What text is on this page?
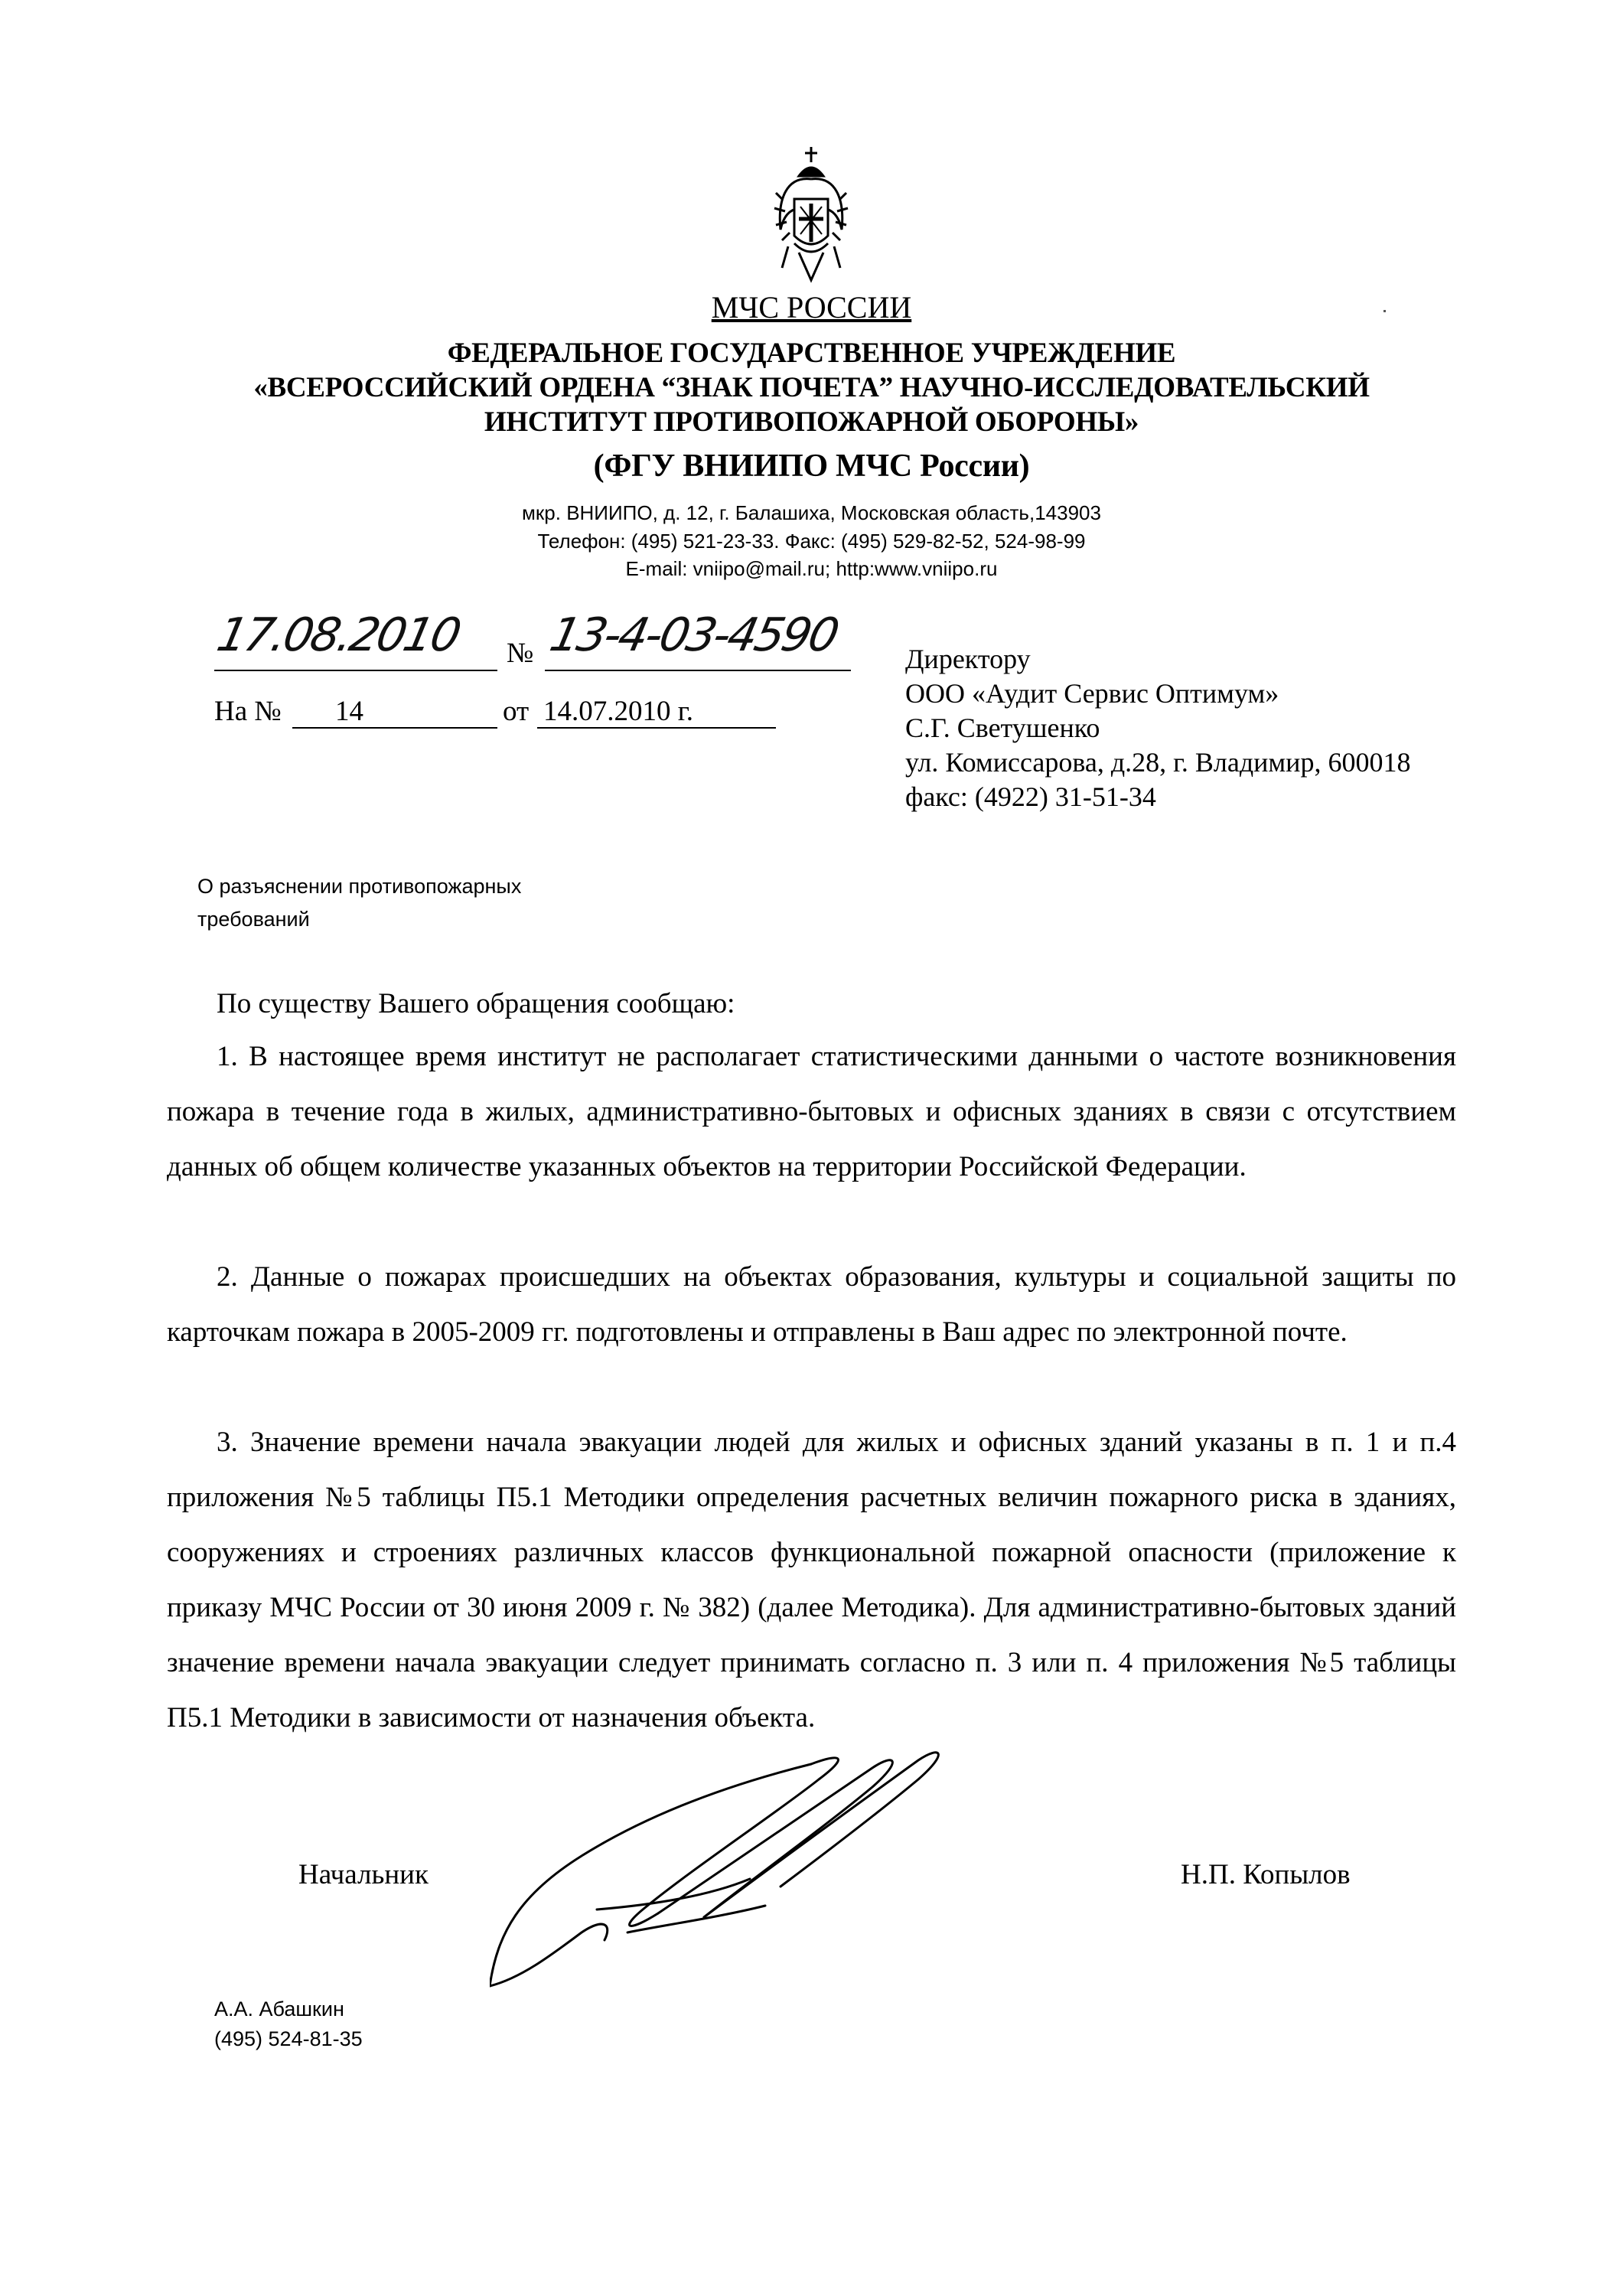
МЧС РОССИИ
ФЕДЕРАЛЬНОЕ ГОСУДАРСТВЕННОЕ УЧРЕЖДЕНИЕ
«ВСЕРОССИЙСКИЙ ОРДЕНА “ЗНАК ПОЧЕТА” НАУЧНО-ИССЛЕДОВАТЕЛЬСКИЙ
ИНСТИТУТ ПРОТИВОПОЖАРНОЙ ОБОРОНЫ»
(ФГУ ВНИИПО МЧС России)
мкр. ВНИИПО, д. 12, г. Балашиха, Московская область,143903
Телефон: (495) 521-23-33. Факс: (495) 529-82-52, 524-98-99
E-mail: vniipo@mail.ru; http:www.vniipo.ru
17.08.2010 № 13-4-03-4590
На № 14	от 14.07.2010 г.
Директору
ООО «Аудит Сервис Оптимум»
С.Г. Светушенко
ул. Комиссарова, д.28, г. Владимир, 600018
факс: (4922) 31-51-34
О разъяснении противопожарных
требований
По существу Вашего обращения сообщаю:

1. В настоящее время институт не располагает статистическими данными о частоте возникновения пожара в течение года в жилых, административно-бытовых и офисных зданиях в связи с отсутствием данных об общем количестве указанных объектов на территории Российской Федерации.

2. Данные о пожарах происшедших на объектах образования, культуры и социальной защиты по карточкам пожара в 2005-2009 гг. подготовлены и отправлены в Ваш адрес по электронной почте.

3. Значение времени начала эвакуации людей для жилых и офисных зданий указаны в п. 1 и п.4 приложения №5 таблицы П5.1 Методики определения расчетных величин пожарного риска в зданиях, сооружениях и строениях различных классов функциональной пожарной опасности (приложение к приказу МЧС России от 30 июня 2009 г. № 382) (далее Методика). Для административно-бытовых зданий значение времени начала эвакуации следует принимать согласно п. 3 или п. 4 приложения №5 таблицы П5.1 Методики в зависимости от назначения объекта.

Начальник	Н.П. Копылов
А.А. Абашкин
(495) 524-81-35
